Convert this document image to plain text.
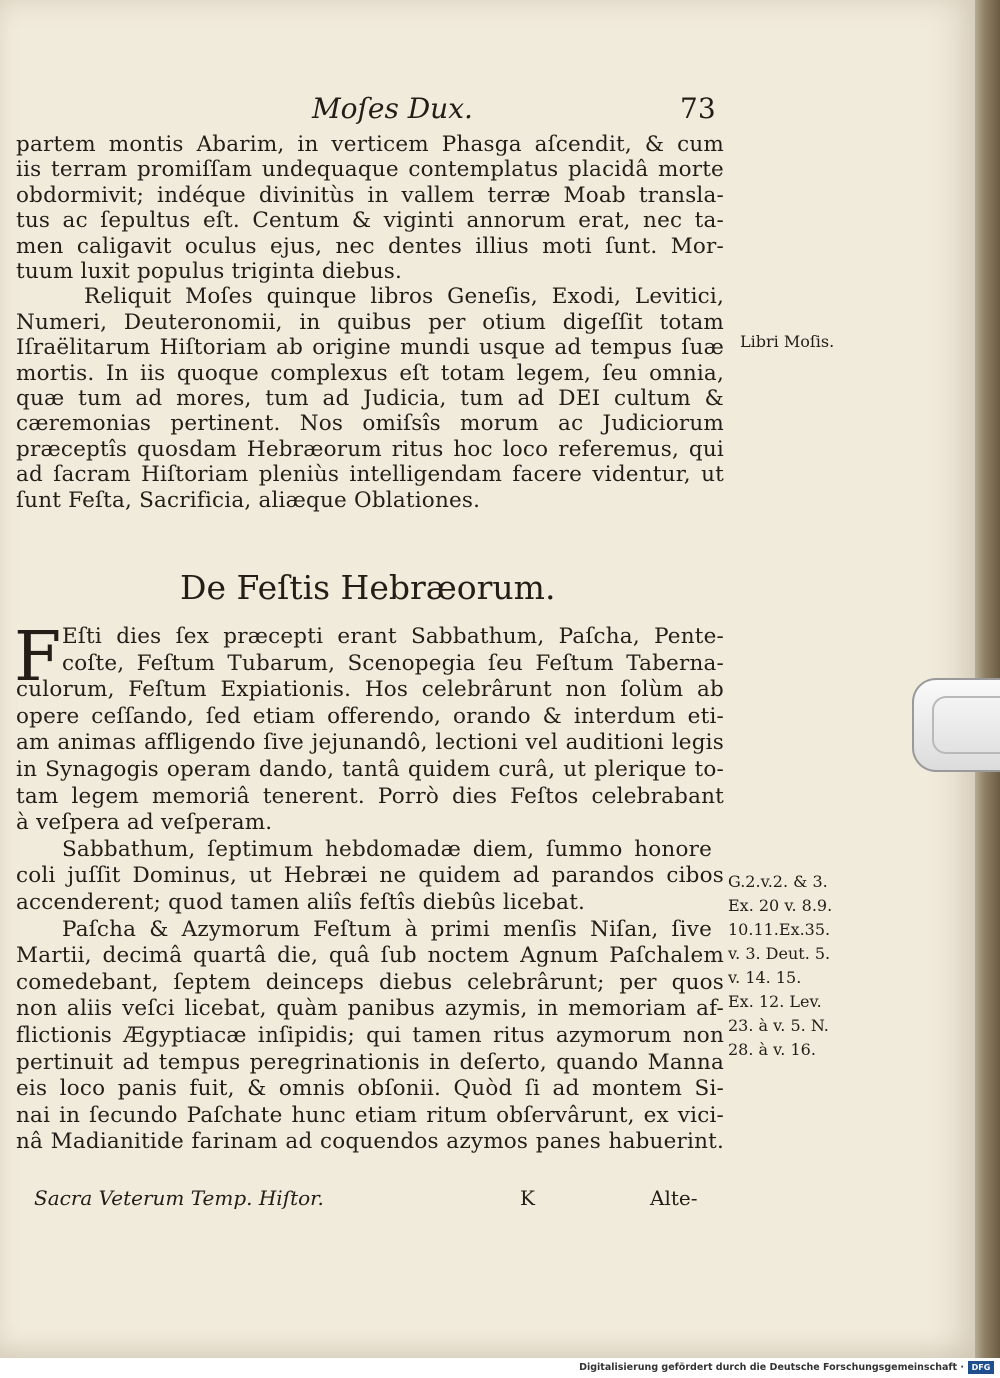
Moſes Dux.	73
partem montis Abarim, in verticem Phasga aſcendit, & cum
iis terram promiſſam undequaque contemplatus placidâ morte
obdormivit; indéque divinitùs in vallem terræ Moab transla-
tus ac ſepultus eſt. Centum & viginti annorum erat, nec ta-
men caligavit oculus ejus, nec dentes illius moti ſunt. Mor-
tuum luxit populus triginta diebus.
Reliquit Moſes quinque libros Geneſis, Exodi, Levitici,
Numeri, Deuteronomii, in quibus per otium digeſſit totam
Iſraëlitarum Hiſtoriam ab origine mundi usque ad tempus ſuæ
mortis. In iis quoque complexus eſt totam legem, ſeu omnia,
quæ tum ad mores, tum ad Judicia, tum ad DEI cultum &
cæremonias pertinent. Nos omiſsîs morum ac Judiciorum
præceptîs quosdam Hebræorum ritus hoc loco referemus, qui
ad ſacram Hiſtoriam pleniùs intelligendam facere videntur, ut
ſunt Feſta, Sacrificia, aliæque Oblationes.
De Feſtis Hebræorum.
F Eſti dies ſex præcepti erant Sabbathum, Paſcha, Pente-
coſte, Feſtum Tubarum, Scenopegia ſeu Feſtum Taberna-
culorum, Feſtum Expiationis. Hos celebrârunt non ſolùm ab
opere ceſſando, ſed etiam offerendo, orando & interdum eti-
am animas affligendo ſive jejunandô, lectioni vel auditioni legis
in Synagogis operam dando, tantâ quidem curâ, ut plerique to-
tam legem memoriâ tenerent. Porrò dies Feſtos celebrabant
à veſpera ad veſperam.
Sabbathum, ſeptimum hebdomadæ diem, ſummo honore
coli juſſit Dominus, ut Hebræi ne quidem ad parandos cibos
accenderent; quod tamen aliîs feſtîs diebûs licebat.
Paſcha & Azymorum Feſtum à primi menſis Niſan, ſive
Martii, decimâ quartâ die, quâ ſub noctem Agnum Paſchalem
comedebant, ſeptem deinceps diebus celebrârunt; per quos
non aliis veſci licebat, quàm panibus azymis, in memoriam af-
flictionis Ægyptiacæ inſipidis; qui tamen ritus azymorum non
pertinuit ad tempus peregrinationis in deſerto, quando Manna
eis loco panis fuit, & omnis obſonii. Quòd ſi ad montem Si-
nai in ſecundo Paſchate hunc etiam ritum obſervârunt, ex vici-
nâ Madianitide farinam ad coquendos azymos panes habuerint.
Libri Moſis.
G.2.v.2. & 3.
Ex. 20 v. 8.9.
10.11.Ex.35.
v. 3. Deut. 5.
v. 14. 15.
Ex. 12. Lev.
23. à v. 5. N.
28. à v. 16.
Sacra Veterum Temp. Hiſtor.	K	Alte-
Digitalisierung gefördert durch die Deutsche Forschungsgemeinschaft · DFG
